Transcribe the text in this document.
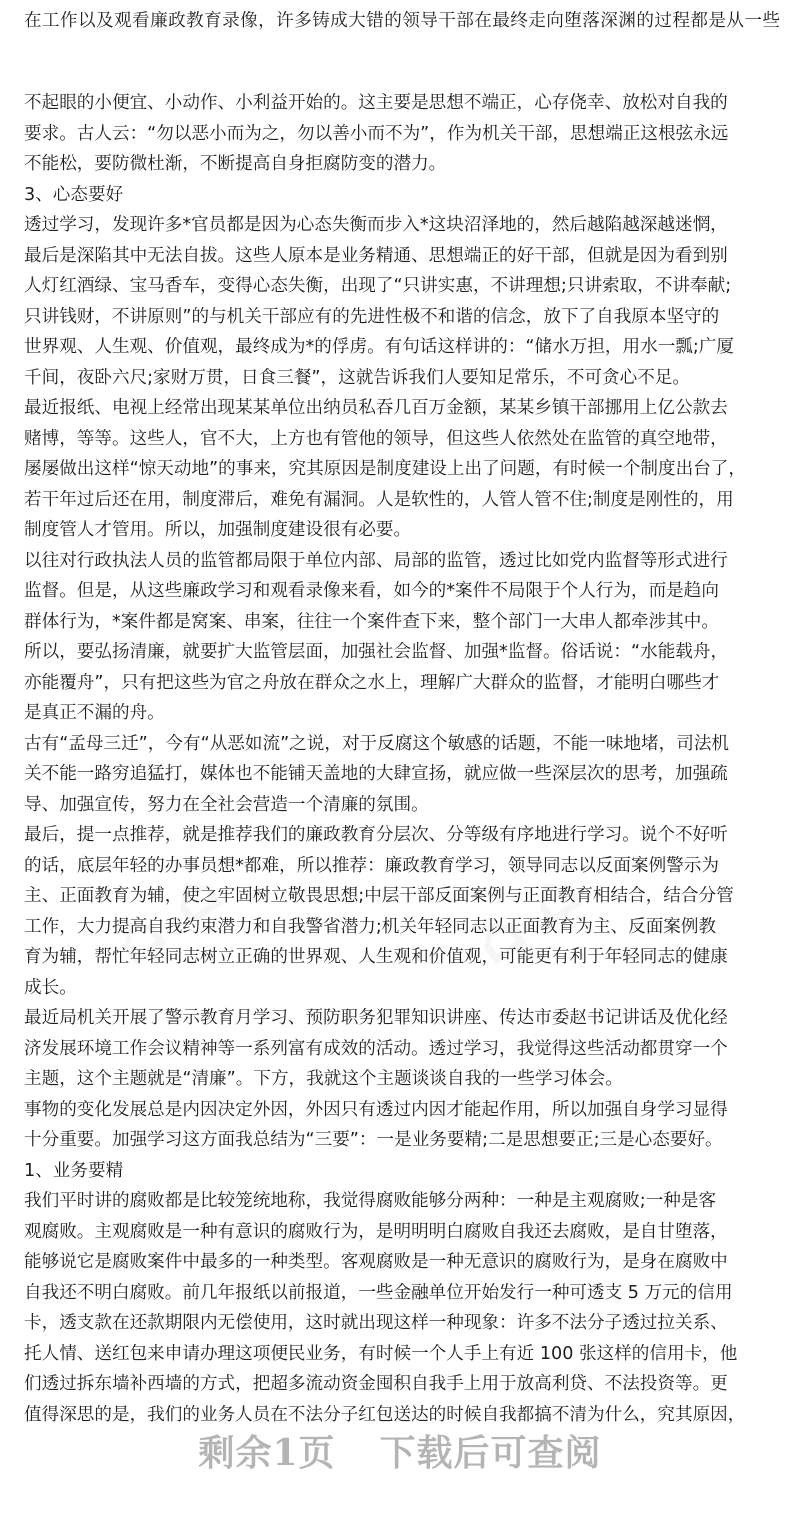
在工作以及观看廉政教育录像，许多铸成大错的领导干部在最终走向堕落深渊的过程都是从一些
不起眼的小便宜、小动作、小利益开始的。这主要是思想不端正，心存侥幸、放松对自我的
要求。古人云：“勿以恶小而为之，勿以善小而不为”，作为机关干部，思想端正这根弦永远
不能松，要防微杜渐，不断提高自身拒腐防变的潜力。
3、心态要好
透过学习，发现许多*官员都是因为心态失衡而步入*这块沼泽地的，然后越陷越深越迷惘，
最后是深陷其中无法自拔。这些人原本是业务精通、思想端正的好干部，但就是因为看到别
人灯红酒绿、宝马香车，变得心态失衡，出现了“只讲实惠，不讲理想;只讲索取，不讲奉献;
只讲钱财，不讲原则”的与机关干部应有的先进性极不和谐的信念，放下了自我原本坚守的
世界观、人生观、价值观，最终成为*的俘虏。有句话这样讲的：“储水万担，用水一瓢;广厦
千间，夜卧六尺;家财万贯，日食三餐”，这就告诉我们人要知足常乐，不可贪心不足。
最近报纸、电视上经常出现某某单位出纳员私吞几百万金额，某某乡镇干部挪用上亿公款去
赌博，等等。这些人，官不大，上方也有管他的领导，但这些人依然处在监管的真空地带，
屡屡做出这样“惊天动地”的事来，究其原因是制度建设上出了问题，有时候一个制度出台了，
若干年过后还在用，制度滞后，难免有漏洞。人是软性的，人管人管不住;制度是刚性的，用
制度管人才管用。所以，加强制度建设很有必要。
以往对行政执法人员的监管都局限于单位内部、局部的监管，透过比如党内监督等形式进行
监督。但是，从这些廉政学习和观看录像来看，如今的*案件不局限于个人行为，而是趋向
群体行为，*案件都是窝案、串案，往往一个案件查下来，整个部门一大串人都牵涉其中。
所以，要弘扬清廉，就要扩大监管层面，加强社会监督、加强*监督。俗话说：“水能载舟，
亦能覆舟”，只有把这些为官之舟放在群众之水上，理解广大群众的监督，才能明白哪些才
是真正不漏的舟。
古有“孟母三迁”，今有“从恶如流”之说，对于反腐这个敏感的话题，不能一味地堵，司法机
关不能一路穷追猛打，媒体也不能铺天盖地的大肆宣扬，就应做一些深层次的思考，加强疏
导、加强宣传，努力在全社会营造一个清廉的氛围。
最后，提一点推荐，就是推荐我们的廉政教育分层次、分等级有序地进行学习。说个不好听
的话，底层年轻的办事员想*都难，所以推荐：廉政教育学习，领导同志以反面案例警示为
主、正面教育为辅，使之牢固树立敬畏思想;中层干部反面案例与正面教育相结合，结合分管
工作，大力提高自我约束潜力和自我警省潜力;机关年轻同志以正面教育为主、反面案例教
育为辅，帮忙年轻同志树立正确的世界观、人生观和价值观，可能更有利于年轻同志的健康
成长。
最近局机关开展了警示教育月学习、预防职务犯罪知识讲座、传达市委赵书记讲话及优化经
济发展环境工作会议精神等一系列富有成效的活动。透过学习，我觉得这些活动都贯穿一个
主题，这个主题就是“清廉”。下方，我就这个主题谈谈自我的一些学习体会。
事物的变化发展总是内因决定外因，外因只有透过内因才能起作用，所以加强自身学习显得
十分重要。加强学习这方面我总结为“三要”：一是业务要精;二是思想要正;三是心态要好。
1、业务要精
我们平时讲的腐败都是比较笼统地称，我觉得腐败能够分两种：一种是主观腐败;一种是客
观腐败。主观腐败是一种有意识的腐败行为，是明明明白腐败自我还去腐败，是自甘堕落，
能够说它是腐败案件中最多的一种类型。客观腐败是一种无意识的腐败行为，是身在腐败中
自我还不明白腐败。前几年报纸以前报道，一些金融单位开始发行一种可透支 5 万元的信用
卡，透支款在还款期限内无偿使用，这时就出现这样一种现象：许多不法分子透过拉关系、
托人情、送红包来申请办理这项便民业务，有时候一个人手上有近 100 张这样的信用卡，他
们透过拆东墙补西墙的方式，把超多流动资金囤积自我手上用于放高利贷、不法投资等。更
值得深思的是，我们的业务人员在不法分子红包送达的时候自我都搞不清为什么，究其原因，
剩余1页 下载后可查阅
